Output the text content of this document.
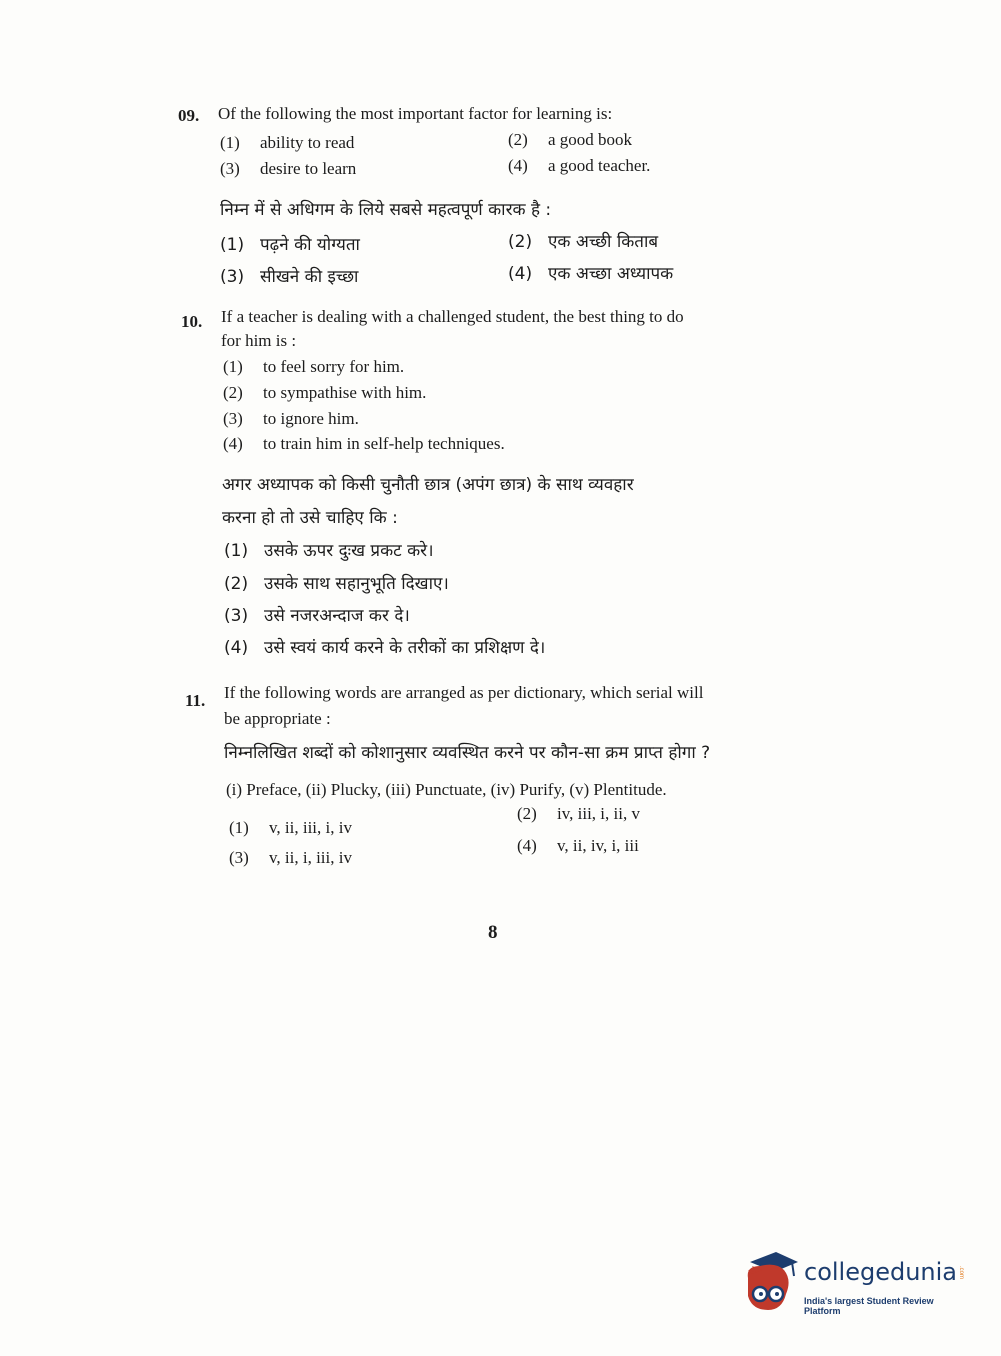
09. Of the following the most important factor for learning is:
(1) ability to read	(2) a good book
(3) desire to learn	(4) a good teacher.
निम्न में से अधिगम के लिये सबसे महत्वपूर्ण कारक है :
(1) पढ़ने की योग्यता	(2) एक अच्छी किताब
(3) सीखने की इच्छा	(4) एक अच्छा अध्यापक
10. If a teacher is dealing with a challenged student, the best thing to do
for him is :
(1) to feel sorry for him.
(2) to sympathise with him.
(3) to ignore him.
(4) to train him in self-help techniques.
अगर अध्यापक को किसी चुनौती छात्र (अपंग छात्र) के साथ व्यवहार
करना हो तो उसे चाहिए कि :
(1) उसके ऊपर दुःख प्रकट करे।
(2) उसके साथ सहानुभूति दिखाए।
(3) उसे नजरअन्दाज कर दे।
(4) उसे स्वयं कार्य करने के तरीकों का प्रशिक्षण दे।
11. If the following words are arranged as per dictionary, which serial will
be appropriate :
निम्नलिखित शब्दों को कोशानुसार व्यवस्थित करने पर कौन-सा क्रम प्राप्त होगा ?
(i) Preface, (ii) Plucky, (iii) Punctuate, (iv) Purify, (v) Plentitude.
(1) v, ii, iii, i, iv
(2) iv, iii, i, ii, v
(3) v, ii, i, iii, iv
(4) v, ii, iv, i, iii
8
collegedunia .com
India's largest Student Review Platform
